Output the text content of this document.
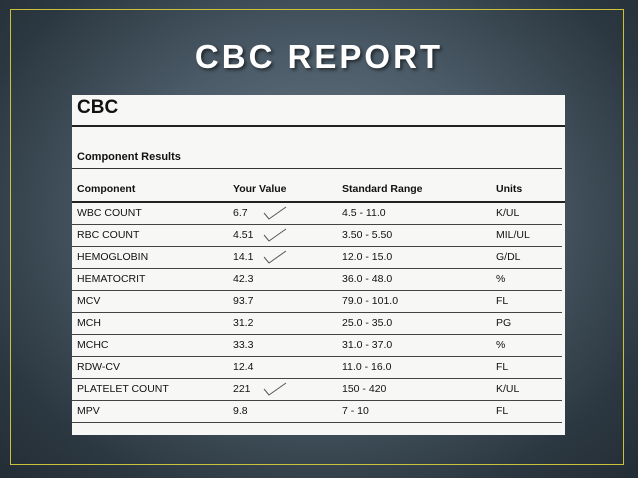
CBC REPORT
CBC
Component Results
Component	Your Value	Standard Range	Units
WBC COUNT	6.7	4.5 - 11.0	K/UL
RBC COUNT	4.51	3.50 - 5.50	MIL/UL
HEMOGLOBIN	14.1	12.0 - 15.0	G/DL
HEMATOCRIT	42.3	36.0 - 48.0	%
MCV	93.7	79.0 - 101.0	FL
MCH	31.2	25.0 - 35.0	PG
MCHC	33.3	31.0 - 37.0	%
RDW-CV	12.4	11.0 - 16.0	FL
PLATELET COUNT	221	150 - 420	K/UL
MPV	9.8	7 - 10	FL
